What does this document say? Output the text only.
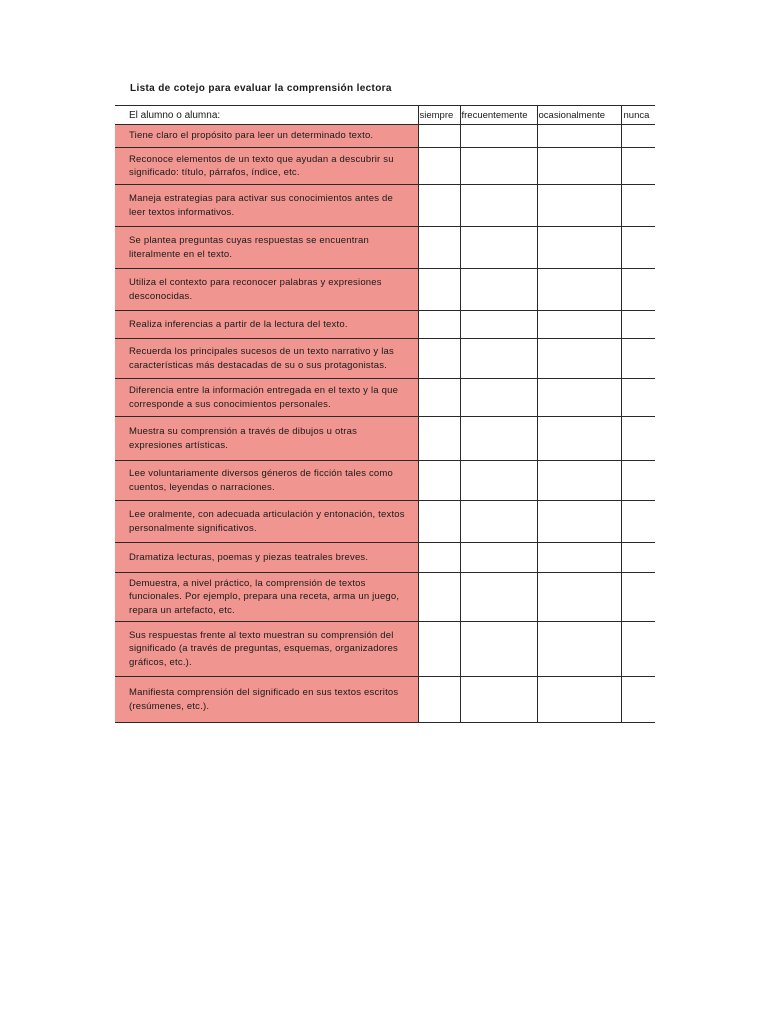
Lista de cotejo para evaluar la comprensión lectora
El alumno o alumna:	siempre	frecuentemente	ocasionalmente	nunca
Tiene claro el propósito para leer un determinado texto.				
Reconoce elementos de un texto que ayudan a descubrir su significado: título, párrafos, índice, etc.				
Maneja estrategias para activar sus conocimientos antes de leer textos informativos.				
Se plantea preguntas cuyas respuestas se encuentran literalmente en el texto.				
Utiliza el contexto para reconocer palabras y expresiones desconocidas.				
Realiza inferencias a partir de la lectura del texto.				
Recuerda los principales sucesos de un texto narrativo y las características más destacadas de su o sus protagonistas.				
Diferencia entre la información entregada en el texto y la que corresponde a sus conocimientos personales.				
Muestra su comprensión a través de dibujos u otras expresiones artísticas.				
Lee voluntariamente diversos géneros de ficción tales como cuentos, leyendas o narraciones.				
Lee oralmente, con adecuada articulación y entonación, textos personalmente significativos.				
Dramatiza lecturas, poemas y piezas teatrales breves.				
Demuestra, a nivel práctico, la comprensión de textos funcionales. Por ejemplo, prepara una receta, arma un juego, repara un artefacto, etc.				
Sus respuestas frente al texto muestran su comprensión del significado (a través de preguntas, esquemas, organizadores gráficos, etc.).				
Manifiesta comprensión del significado en sus textos escritos (resúmenes, etc.).				
